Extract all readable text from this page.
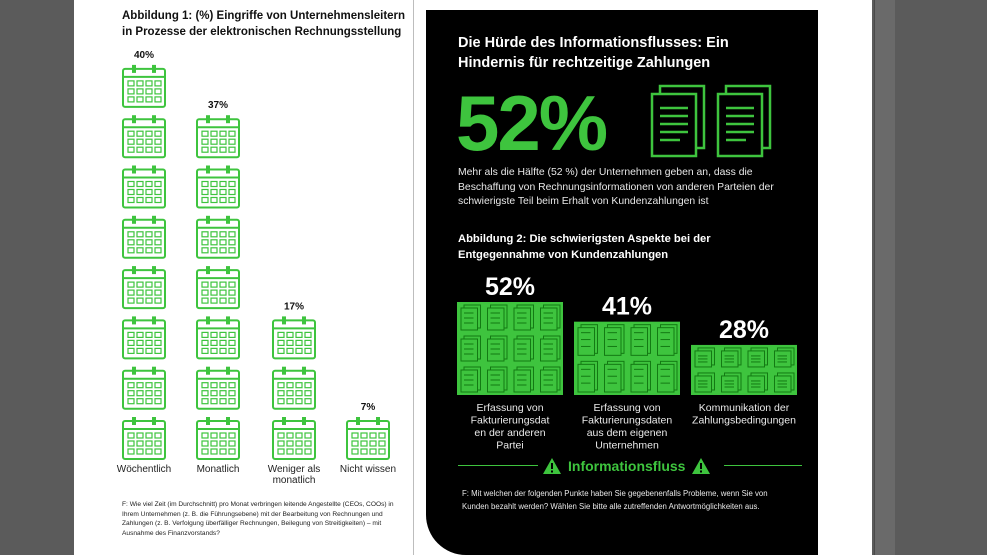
Abbildung 1: (%) Eingriffe von Unternehmensleitern in Prozesse der elektronischen Rechnungsstellung
40%
Wöchentlich
37%
Monatlich
17%
Weniger als monatlich
7%
Nicht wissen
F: Wie viel Zeit (im Durchschnitt) pro Monat verbringen leitende Angestellte (CEOs, COOs) in Ihrem Unternehmen (z. B. die Führungsebene) mit der Bearbeitung von Rechnungen und Zahlungen (z. B. Verfolgung überfälliger Rechnungen, Beilegung von Streitigkeiten) – mit Ausnahme des Finanzvorstands?
Die Hürde des Informationsflusses: Ein Hindernis für rechtzeitige Zahlungen
52%
Mehr als die Hälfte (52 %) der Unternehmen geben an, dass die Beschaffung von Rechnungsinformationen von anderen Parteien der schwierigste Teil beim Erhalt von Kundenzahlungen ist
Abbildung 2: Die schwierigsten Aspekte bei der Entgegennahme von Kundenzahlungen
52%
Erfassung von Fakturierungsdat en der anderen Partei
41%
Erfassung von Fakturierungsdaten aus dem eigenen Unternehmen
28%
Kommunikation der Zahlungsbedingungen
Informationsfluss
F: Mit welchen der folgenden Punkte haben Sie gegebenenfalls Probleme, wenn Sie von Kunden bezahlt werden? Wählen Sie bitte alle zutreffenden Antwortmöglichkeiten aus.
